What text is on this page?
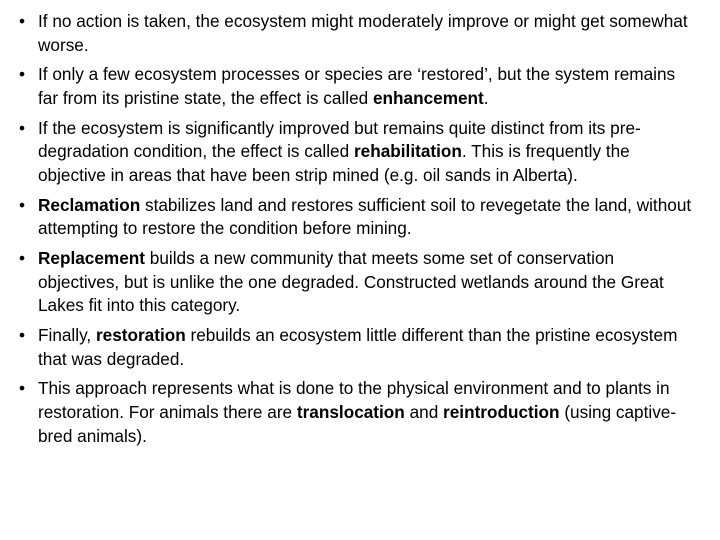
• If no action is taken, the ecosystem might moderately improve or might get somewhat worse.
• If only a few ecosystem processes or species are ‘restored’, but the system remains far from its pristine state, the effect is called enhancement.
• If the ecosystem is significantly improved but remains quite distinct from its pre-degradation condition, the effect is called rehabilitation. This is frequently the objective in areas that have been strip mined (e.g. oil sands in Alberta).
• Reclamation stabilizes land and restores sufficient soil to revegetate the land, without attempting to restore the condition before mining.
• Replacement builds a new community that meets some set of conservation objectives, but is unlike the one degraded. Constructed wetlands around the Great Lakes fit into this category.
• Finally, restoration rebuilds an ecosystem little different than the pristine ecosystem that was degraded.
• This approach represents what is done to the physical environment and to plants in restoration. For animals there are translocation and reintroduction (using captive-bred animals).
